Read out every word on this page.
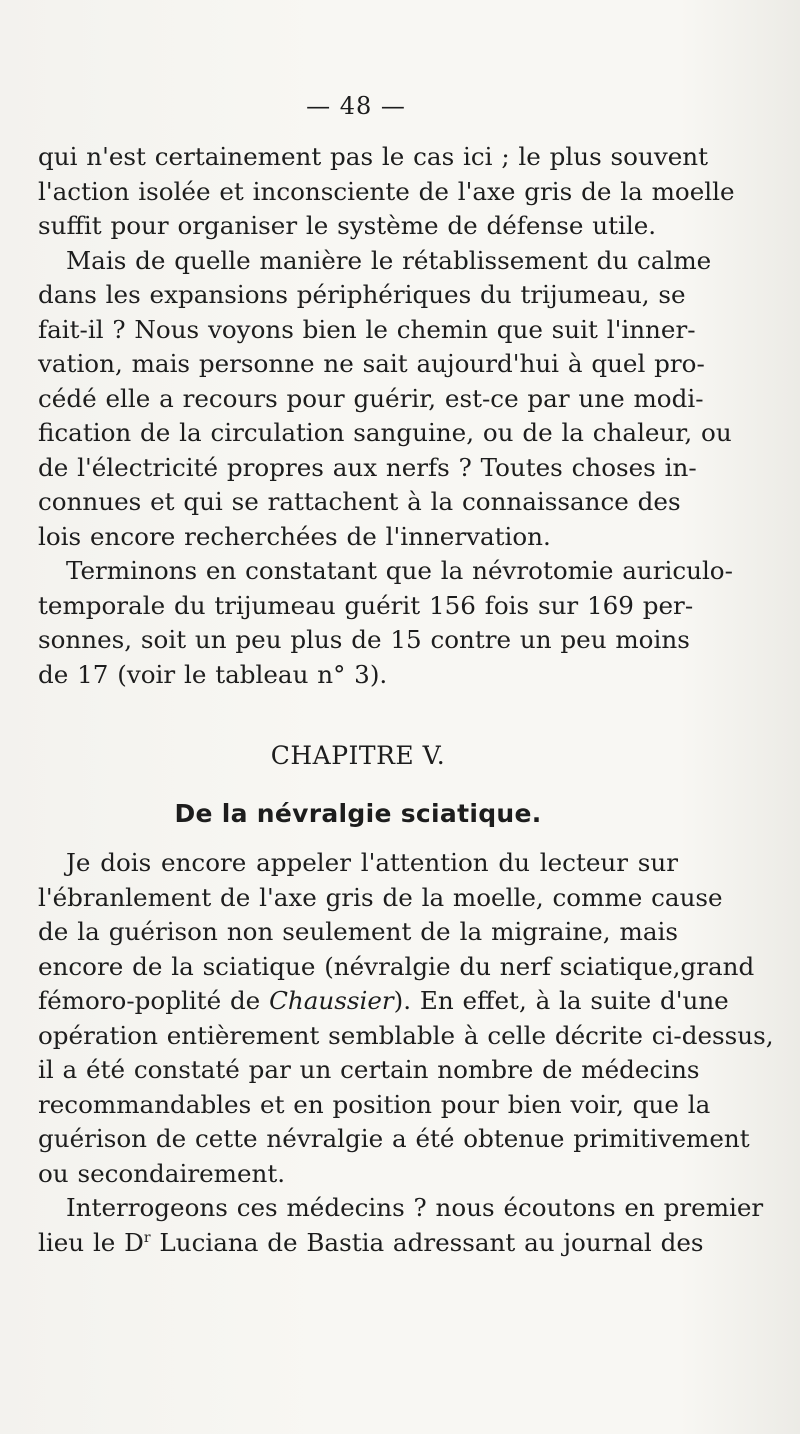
— 48 —

qui n'est certainement pas le cas ici ; le plus souvent
l'action isolée et inconsciente de l'axe gris de la moelle
suffit pour organiser le système de défense utile.

Mais de quelle manière le rétablissement du calme
dans les expansions périphériques du trijumeau, se
fait-il ? Nous voyons bien le chemin que suit l'inner-
vation, mais personne ne sait aujourd'hui à quel pro-
cédé elle a recours pour guérir, est-ce par une modi-
fication de la circulation sanguine, ou de la chaleur, ou
de l'électricité propres aux nerfs ? Toutes choses in-
connues et qui se rattachent à la connaissance des
lois encore recherchées de l'innervation.

Terminons en constatant que la névrotomie auriculo-
temporale du trijumeau guérit 156 fois sur 169 per-
sonnes, soit un peu plus de 15 contre un peu moins
de 17 (voir le tableau n° 3).

CHAPITRE V.
De la névralgie sciatique.

Je dois encore appeler l'attention du lecteur sur
l'ébranlement de l'axe gris de la moelle, comme cause
de la guérison non seulement de la migraine, mais
encore de la sciatique (névralgie du nerf sciatique,grand
fémoro-poplité de Chaussier). En effet, à la suite d'une
opération entièrement semblable à celle décrite ci-dessus,
il a été constaté par un certain nombre de médecins
recommandables et en position pour bien voir, que la
guérison de cette névralgie a été obtenue primitivement
ou secondairement.

Interrogeons ces médecins ? nous écoutons en premier
lieu le $D^r$ Luciana de Bastia adressant au journal des
